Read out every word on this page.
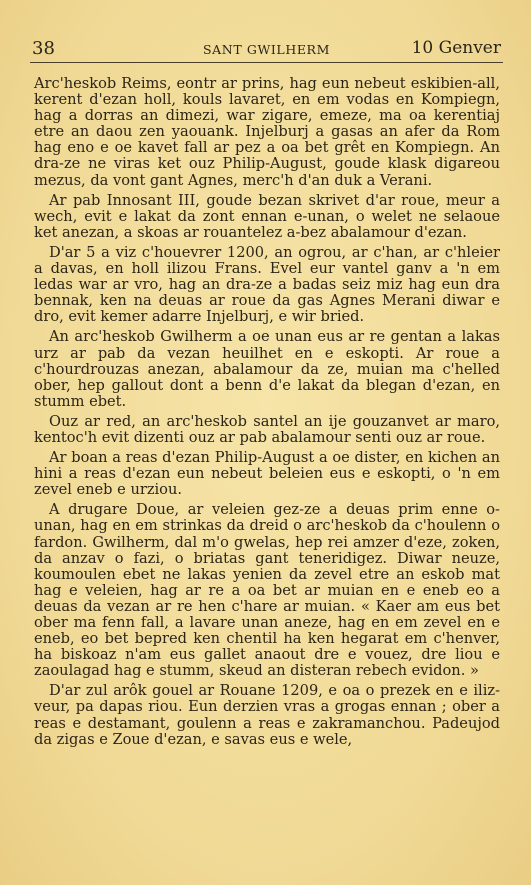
38	SANT GWILHERM	10 Genver

Arc'heskob Reims, eontr ar prins, hag eun nebeut eskibien-all, kerent d'ezan holl, kouls lavaret, en em vodas en Kompiegn, hag a dorras an dimezi, war zigare, emeze, ma oa kerentiaj etre an daou zen yaouank. Injelburj a gasas an afer da Rom hag eno e oe kavet fall ar pez a oa bet grêt en Kompiegn. An dra-ze ne viras ket ouz Philip-August, goude klask digareou mezus, da vont gant Agnes, merc'h d'an duk a Verani.

Ar pab Innosant III, goude bezan skrivet d'ar roue, meur a wech, evit e lakat da zont ennan e-unan, o welet ne selaoue ket anezan, a skoas ar rouantelez a-bez abalamour d'ezan.

D'ar 5 a viz c'houevrer 1200, an ogrou, ar c'han, ar c'hleier a davas, en holl ilizou Frans. Evel eur vantel ganv a 'n em ledas war ar vro, hag an dra-ze a badas seiz miz hag eun dra bennak, ken na deuas ar roue da gas Agnes Merani diwar e dro, evit kemer adarre Injelburj, e wir bried.

An arc'heskob Gwilherm a oe unan eus ar re gentan a lakas urz ar pab da vezan heuilhet en e eskopti. Ar roue a c'hourdrouzas anezan, abalamour da ze, muian ma c'helled ober, hep gallout dont a benn d'e lakat da blegan d'ezan, en stumm ebet.

Ouz ar red, an arc'heskob santel an ije gouzanvet ar maro, kentoc'h evit dizenti ouz ar pab abalamour senti ouz ar roue.

Ar boan a reas d'ezan Philip-August a oe dister, en kichen an hini a reas d'ezan eun nebeut beleien eus e eskopti, o 'n em zevel eneb e urziou.

A drugare Doue, ar veleien gez-ze a deuas prim enne o-unan, hag en em strinkas da dreid o arc'heskob da c'houlenn o fardon. Gwilherm, dal m'o gwelas, hep rei amzer d'eze, zoken, da anzav o fazi, o briatas gant teneridigez. Diwar neuze, koumoulen ebet ne lakas yenien da zevel etre an eskob mat hag e veleien, hag ar re a oa bet ar muian en e eneb eo a deuas da vezan ar re hen c'hare ar muian. « Kaer am eus bet ober ma fenn fall, a lavare unan aneze, hag en em zevel en e eneb, eo bet bepred ken chentil ha ken hegarat em c'henver, ha biskoaz n'am eus gallet anaout dre e vouez, dre liou e zaoulagad hag e stumm, skeud an disteran rebech evidon. »

D'ar zul arôk gouel ar Rouane 1209, e oa o prezek en e iliz-veur, pa dapas riou. Eun derzien vras a grogas ennan ; ober a reas e destamant, goulenn a reas e zakramanchou. Padeujod da zigas e Zoue d'ezan, e savas eus e wele,
